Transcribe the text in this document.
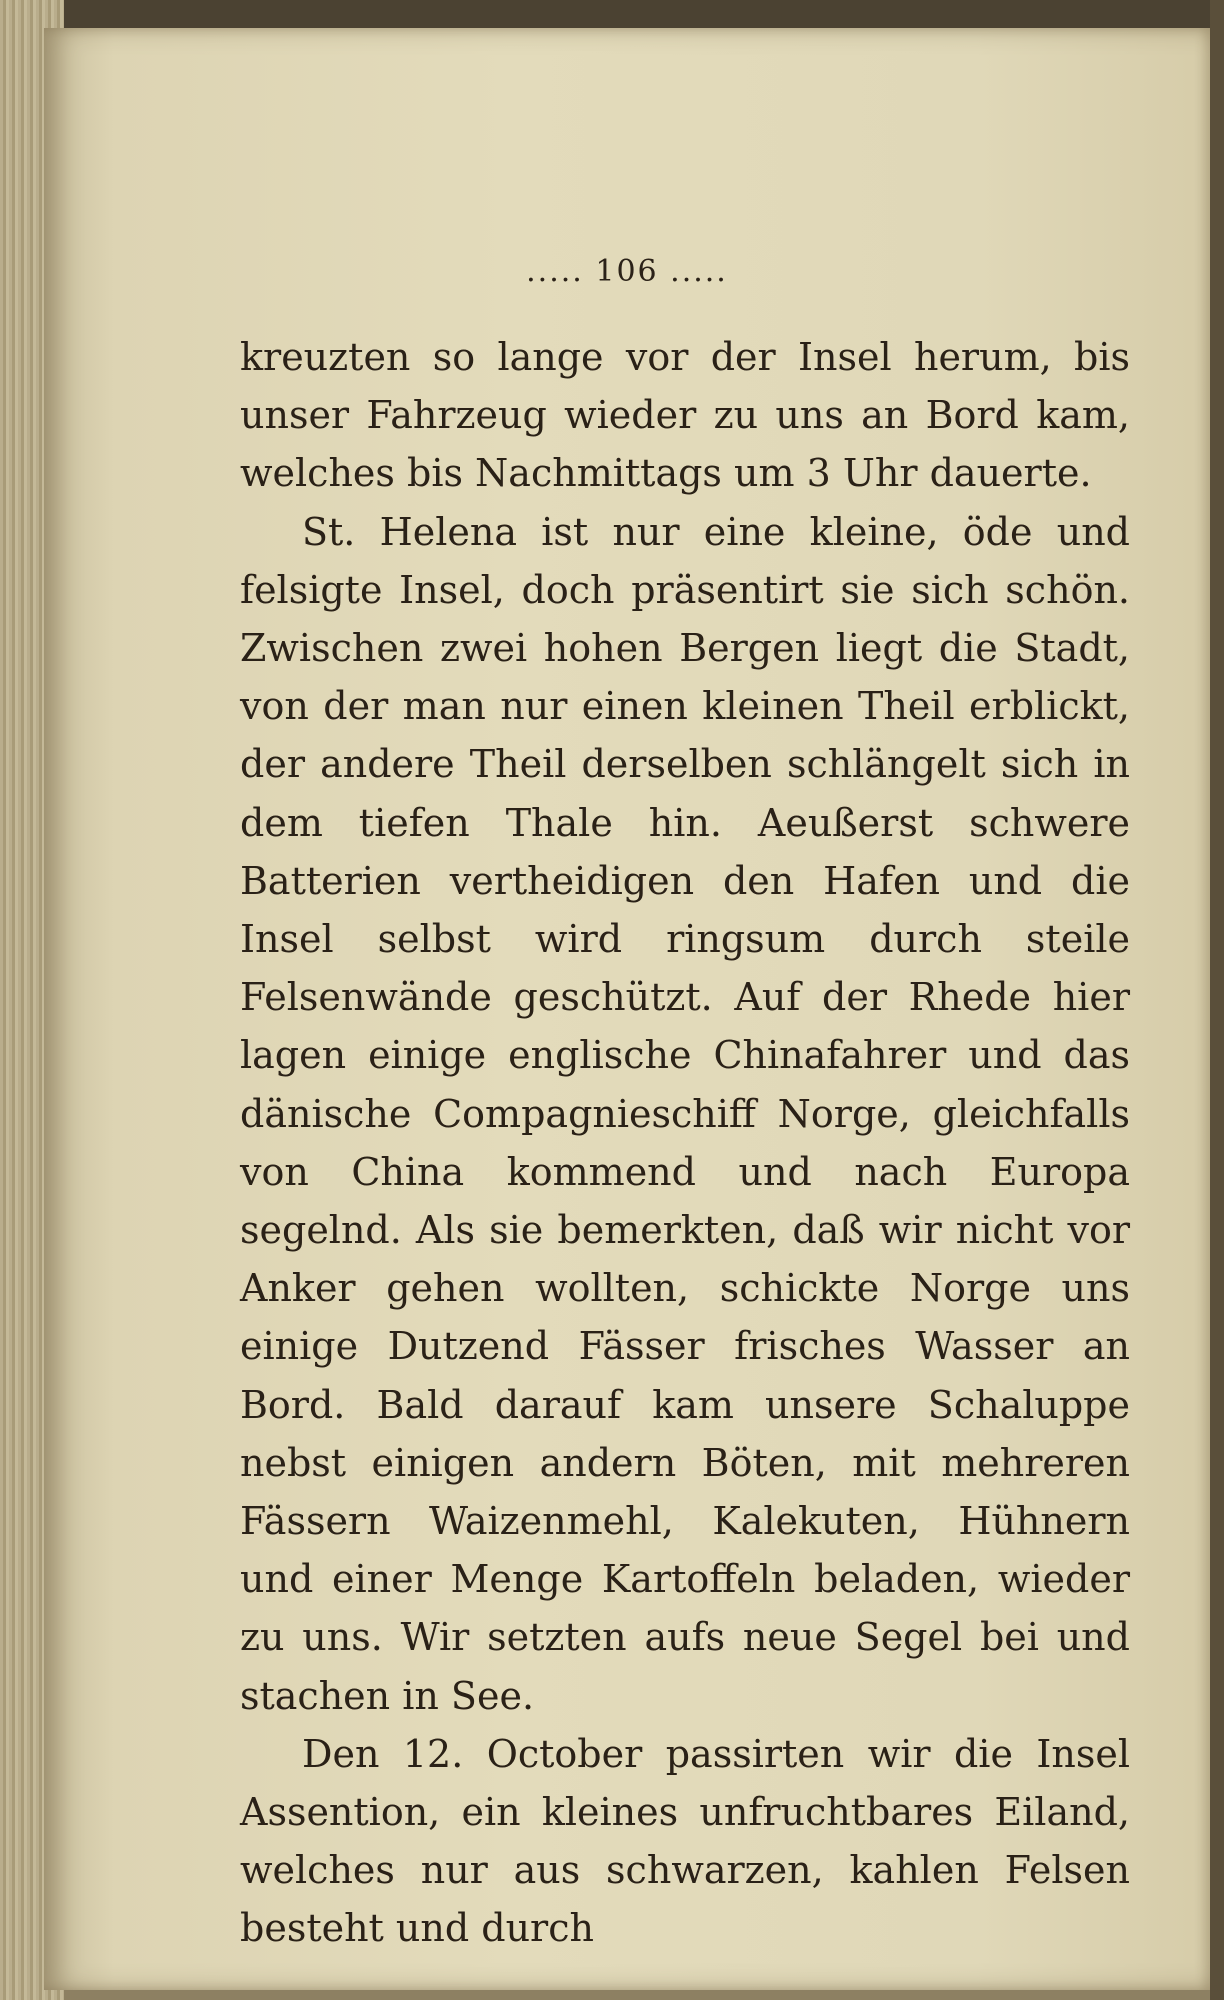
..... 106 .....

kreuzten so lange vor der Insel herum, bis unser Fahrzeug wieder zu uns an Bord kam, welches bis Nachmittags um 3 Uhr dauerte.

St. Helena ist nur eine kleine, öde und felsigte Insel, doch präsentirt sie sich schön. Zwischen zwei hohen Bergen liegt die Stadt, von der man nur einen kleinen Theil erblickt, der andere Theil derselben schlängelt sich in dem tiefen Thale hin. Aeußerst schwere Batterien vertheidigen den Hafen und die Insel selbst wird ringsum durch steile Felsenwände geschützt. Auf der Rhede hier lagen einige englische Chinafahrer und das dänische Compagnieschiff Norge, gleichfalls von China kommend und nach Europa segelnd. Als sie bemerkten, daß wir nicht vor Anker gehen wollten, schickte Norge uns einige Dutzend Fässer frisches Wasser an Bord. Bald darauf kam unsere Schaluppe nebst einigen andern Böten, mit mehreren Fässern Waizenmehl, Kalekuten, Hühnern und einer Menge Kartoffeln beladen, wieder zu uns. Wir setzten aufs neue Segel bei und stachen in See.

Den 12. October passirten wir die Insel Assention, ein kleines unfruchtbares Eiland, welches nur aus schwarzen, kahlen Felsen besteht und durch
